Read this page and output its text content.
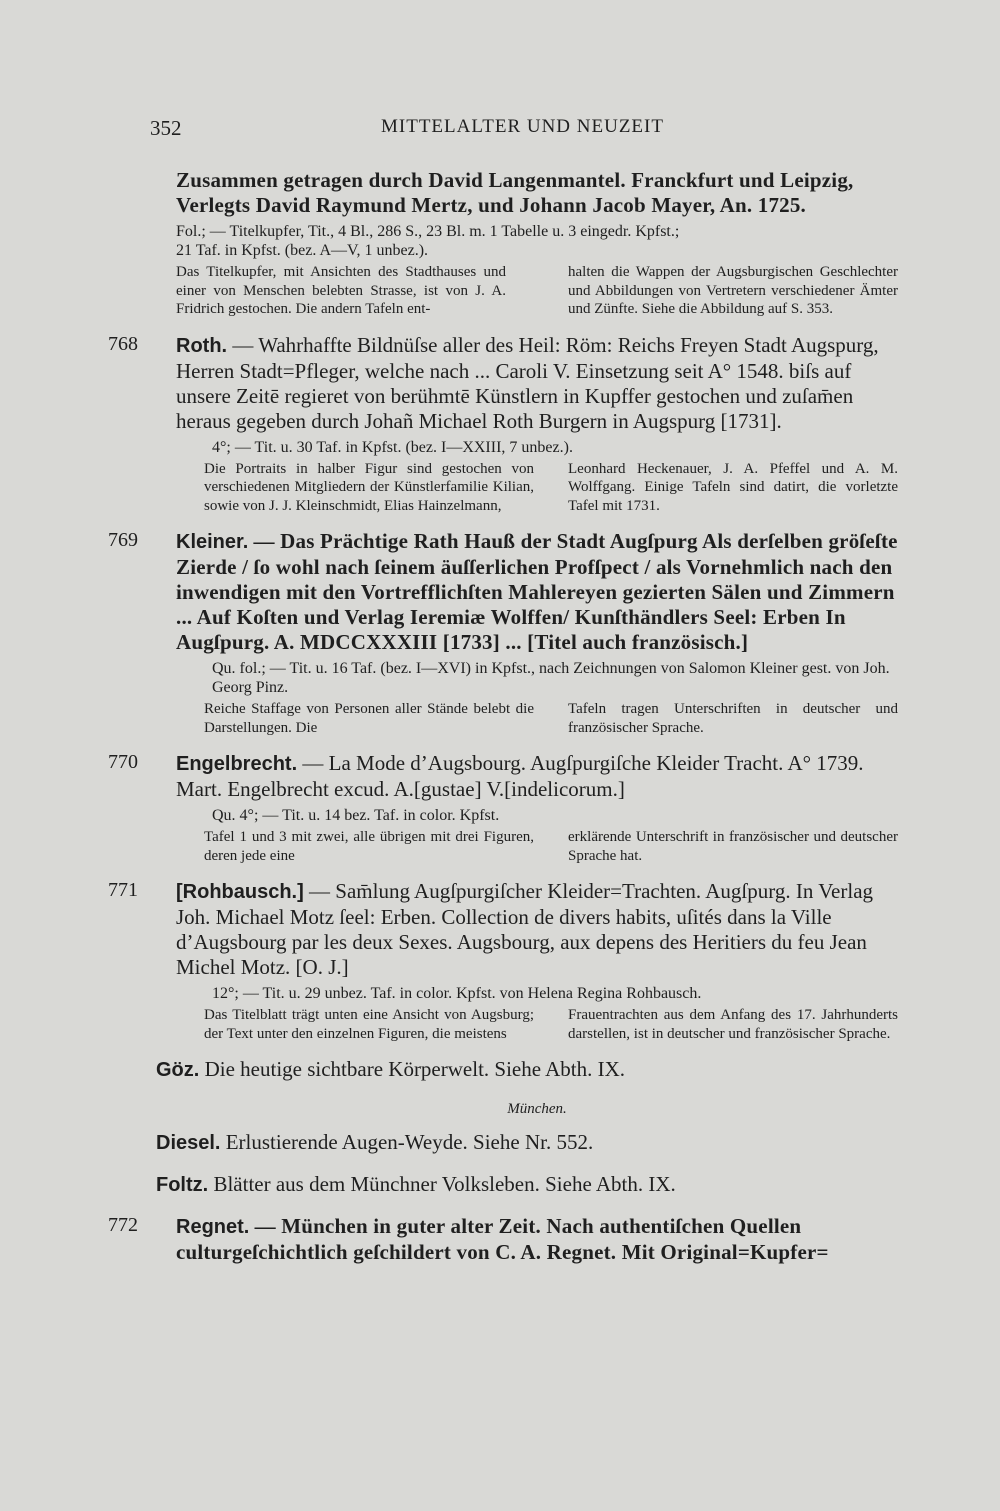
352	MITTELALTER UND NEUZEIT
Zusammen getragen durch David Langenmantel. Franckfurt und Leipzig,
Verlegts David Raymund Mertz, und Johann Jacob Mayer, An. 1725.
Fol.; — Titelkupfer, Tit., 4 Bl., 286 S., 23 Bl. m. 1 Tabelle u. 3 eingedr. Kpfst.;
21 Taf. in Kpfst. (bez. A—V, 1 unbez.).
Das Titelkupfer, mit Ansichten des Stadthauses und einer von Menschen belebten Strasse, ist von J. A. Fridrich gestochen. Die andern Tafeln ent-
halten die Wappen der Augsburgischen Geschlechter und Abbildungen von Vertretern verschiedener Ämter und Zünfte. Siehe die Abbildung auf S. 353.
768 Roth. — Wahrhaffte Bildnüſse aller des Heil: Röm: Reichs Freyen Stadt Augspurg, Herren Stadt=Pfleger, welche nach ... Caroli V. Einsetzung seit A° 1548. biſs auf unsere Zeitē regieret von berühmtē Künstlern in Kupffer gestochen und zuſam̄en heraus gegeben durch Johañ Michael Roth Burgern in Augspurg [1731].
4°; — Tit. u. 30 Taf. in Kpfst. (bez. I—XXIII, 7 unbez.).
Die Portraits in halber Figur sind gestochen von verschiedenen Mitgliedern der Künstlerfamilie Kilian, sowie von J. J. Kleinschmidt, Elias Hainzelmann,
Leonhard Heckenauer, J. A. Pfeffel und A. M. Wolffgang. Einige Tafeln sind datirt, die vorletzte Tafel mit 1731.
769 Kleiner. — Das Prächtige Rath Hauß der Stadt Augſpurg Als derſelben gröſeſte Zierde / ſo wohl nach ſeinem äuſſerlichen Profſpect / als Vornehmlich nach den inwendigen mit den Vortrefflichſten Mahlereyen gezierten Sälen und Zimmern ... Auf Koſten und Verlag Ieremiæ Wolffen/ Kunſthändlers Seel: Erben In Augſpurg. A. MDCCXXXIII [1733] ... [Titel auch französisch.]
Qu. fol.; — Tit. u. 16 Taf. (bez. I—XVI) in Kpfst., nach Zeichnungen von Salomon Kleiner gest. von Joh. Georg Pinz.
Reiche Staffage von Personen aller Stände belebt die Darstellungen. Die
Tafeln tragen Unterschriften in deutscher und französischer Sprache.
770 Engelbrecht. — La Mode d’Augsbourg. Augſpurgiſche Kleider Tracht. A° 1739. Mart. Engelbrecht excud. A.[gustae] V.[indelicorum.]
Qu. 4°; — Tit. u. 14 bez. Taf. in color. Kpfst.
Tafel 1 und 3 mit zwei, alle übrigen mit drei Figuren, deren jede eine
erklärende Unterschrift in französischer und deutscher Sprache hat.
771 [Rohbausch.] — Sam̄lung Augſpurgiſcher Kleider=Trachten. Augſpurg. In Verlag Joh. Michael Motz ſeel: Erben. Collection de divers habits, uſités dans la Ville d’Augsbourg par les deux Sexes. Augsbourg, aux depens des Heritiers du feu Jean Michel Motz. [O. J.]
12°; — Tit. u. 29 unbez. Taf. in color. Kpfst. von Helena Regina Rohbausch.
Das Titelblatt trägt unten eine Ansicht von Augsburg; der Text unter den einzelnen Figuren, die meistens
Frauentrachten aus dem Anfang des 17. Jahrhunderts darstellen, ist in deutscher und französischer Sprache.
Göz. Die heutige sichtbare Körperwelt. Siehe Abth. IX.
München.
Diesel. Erlustierende Augen-Weyde. Siehe Nr. 552.
Foltz. Blätter aus dem Münchner Volksleben. Siehe Abth. IX.
772 Regnet. — München in guter alter Zeit. Nach authentiſchen Quellen culturgeſchichtlich geſchildert von C. A. Regnet. Mit Original=Kupfer=
